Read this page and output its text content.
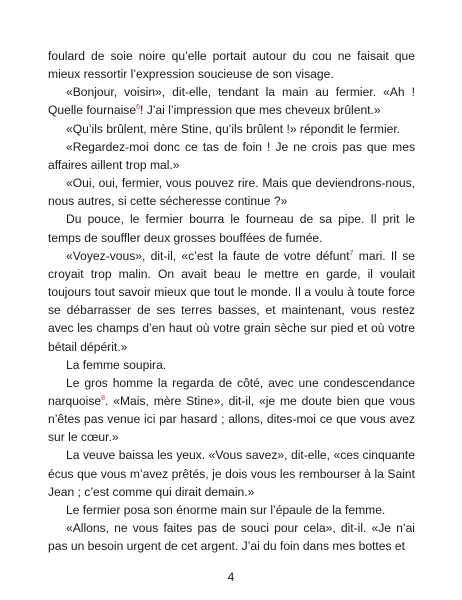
foulard de soie noire qu’elle portait autour du cou ne faisait que mieux ressortir l’expression soucieuse de son visage.

«Bonjour, voisin», dit-elle, tendant la main au fermier. «Ah ! Quelle fournaise$^6$! J’ai l’impression que mes cheveux brûlent.»

«Qu’ils brûlent, mère Stine, qu’ils brûlent !» répondit le fermier.

«Regardez-moi donc ce tas de foin ! Je ne crois pas que mes affaires aillent trop mal.»

«Oui, oui, fermier, vous pouvez rire. Mais que deviendrons-nous, nous autres, si cette sécheresse continue ?»

Du pouce, le fermier bourra le fourneau de sa pipe. Il prit le temps de souffler deux grosses bouffées de fumée.

«Voyez-vous», dit-il, «c’est la faute de votre défunt$^7$ mari. Il se croyait trop malin. On avait beau le mettre en garde, il voulait toujours tout savoir mieux que tout le monde. Il a voulu à toute force se débarrasser de ses terres basses, et maintenant, vous restez avec les champs d’en haut où votre grain sèche sur pied et où votre bétail dépérit.»

La femme soupira.

Le gros homme la regarda de côté, avec une condescendance narquoise$^8$. «Mais, mère Stine», dit-il, «je me doute bien que vous n’êtes pas venue ici par hasard ; allons, dites-moi ce que vous avez sur le cœur.»

La veuve baissa les yeux. «Vous savez», dit-elle, «ces cinquante écus que vous m’avez prêtés, je dois vous les rembourser à la Saint Jean ; c’est comme qui dirait demain.»

Le fermier posa son énorme main sur l’épaule de la femme.

«Allons, ne vous faites pas de souci pour cela», dit-il. «Je n’ai pas un besoin urgent de cet argent. J’ai du foin dans mes bottes et

4
